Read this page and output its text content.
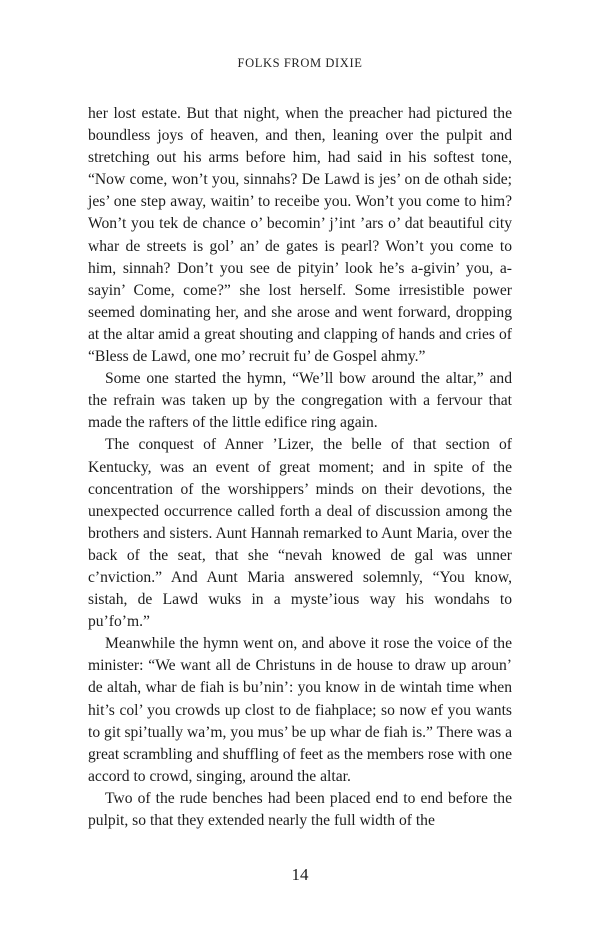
FOLKS FROM DIXIE

her lost estate. But that night, when the preacher had pictured the boundless joys of heaven, and then, leaning over the pulpit and stretching out his arms before him, had said in his softest tone, “Now come, won’t you, sinnahs? De Lawd is jes’ on de othah side; jes’ one step away, waitin’ to receibe you. Won’t you come to him? Won’t you tek de chance o’ becomin’ j’int ’ars o’ dat beautiful city whar de streets is gol’ an’ de gates is pearl? Won’t you come to him, sinnah? Don’t you see de pityin’ look he’s a-givin’ you, a-sayin’ Come, come?” she lost herself. Some irresistible power seemed dominating her, and she arose and went forward, dropping at the altar amid a great shouting and clapping of hands and cries of “Bless de Lawd, one mo’ recruit fu’ de Gospel ahmy.”

Some one started the hymn, “We’ll bow around the altar,” and the refrain was taken up by the congregation with a fervour that made the rafters of the little edifice ring again.

The conquest of Anner ’Lizer, the belle of that section of Kentucky, was an event of great moment; and in spite of the concentration of the worshippers’ minds on their devotions, the unexpected occurrence called forth a deal of discussion among the brothers and sisters. Aunt Hannah remarked to Aunt Maria, over the back of the seat, that she “nevah knowed de gal was unner c’nviction.” And Aunt Maria answered solemnly, “You know, sistah, de Lawd wuks in a myste’ious way his wondahs to pu’fo’m.”

Meanwhile the hymn went on, and above it rose the voice of the minister: “We want all de Christuns in de house to draw up aroun’ de altah, whar de fiah is bu’nin’: you know in de wintah time when hit’s col’ you crowds up clost to de fiahplace; so now ef you wants to git spi’tually wa’m, you mus’ be up whar de fiah is.” There was a great scrambling and shuffling of feet as the members rose with one accord to crowd, singing, around the altar.

Two of the rude benches had been placed end to end before the pulpit, so that they extended nearly the full width of the

14
